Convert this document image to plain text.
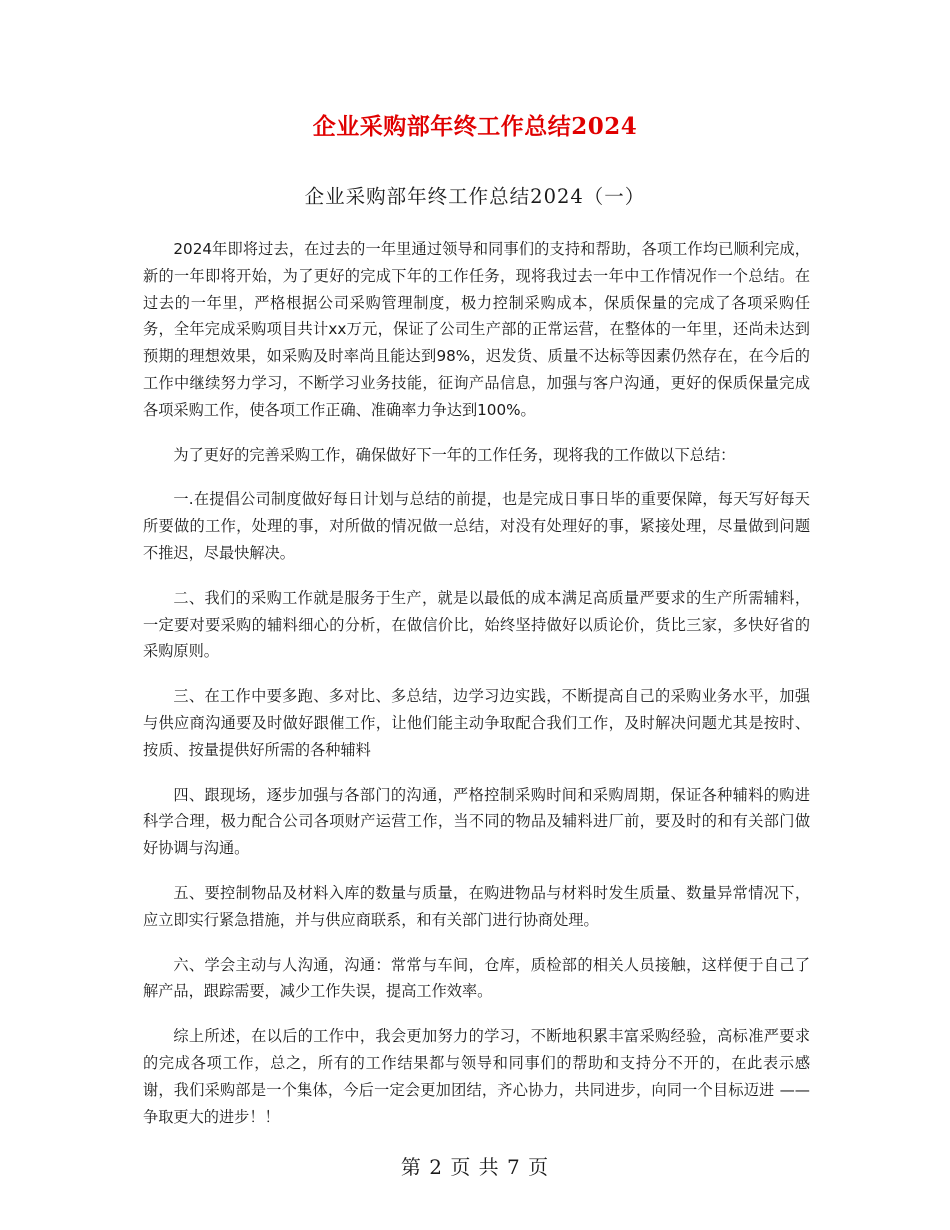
企业采购部年终工作总结2024
企业采购部年终工作总结2024（一）

2024年即将过去，在过去的一年里通过领导和同事们的支持和帮助，各项工作均已顺利完成，新的一年即将开始，为了更好的完成下年的工作任务，现将我过去一年中工作情况作一个总结。在过去的一年里，严格根据公司采购管理制度，极力控制采购成本，保质保量的完成了各项采购任务，全年完成采购项目共计xx万元，保证了公司生产部的正常运营，在整体的一年里，还尚未达到预期的理想效果，如采购及时率尚且能达到98%，迟发货、质量不达标等因素仍然存在，在今后的工作中继续努力学习，不断学习业务技能，征询产品信息，加强与客户沟通，更好的保质保量完成各项采购工作，使各项工作正确、准确率力争达到100%。

为了更好的完善采购工作，确保做好下一年的工作任务，现将我的工作做以下总结：

一.在提倡公司制度做好每日计划与总结的前提，也是完成日事日毕的重要保障，每天写好每天所要做的工作，处理的事，对所做的情况做一总结，对没有处理好的事，紧接处理，尽量做到问题不推迟，尽最快解决。

二、我们的采购工作就是服务于生产，就是以最低的成本满足高质量严要求的生产所需辅料，一定要对要采购的辅料细心的分析，在做信价比，始终坚持做好以质论价，货比三家，多快好省的采购原则。

三、在工作中要多跑、多对比、多总结，边学习边实践，不断提高自己的采购业务水平，加强与供应商沟通要及时做好跟催工作，让他们能主动争取配合我们工作，及时解决问题尤其是按时、按质、按量提供好所需的各种辅料

四、跟现场，逐步加强与各部门的沟通，严格控制采购时间和采购周期，保证各种辅料的购进科学合理，极力配合公司各项财产运营工作，当不同的物品及辅料进厂前，要及时的和有关部门做好协调与沟通。

五、要控制物品及材料入库的数量与质量，在购进物品与材料时发生质量、数量异常情况下，应立即实行紧急措施，并与供应商联系，和有关部门进行协商处理。

六、学会主动与人沟通，沟通：常常与车间，仓库，质检部的相关人员接触，这样便于自己了解产品，跟踪需要，减少工作失误，提高工作效率。

综上所述，在以后的工作中，我会更加努力的学习，不断地积累丰富采购经验，高标准严要求的完成各项工作，总之，所有的工作结果都与领导和同事们的帮助和支持分不开的，在此表示感谢，我们采购部是一个集体，今后一定会更加团结，齐心协力，共同进步，向同一个目标迈进 ——争取更大的进步！！

第 2 页 共 7 页
